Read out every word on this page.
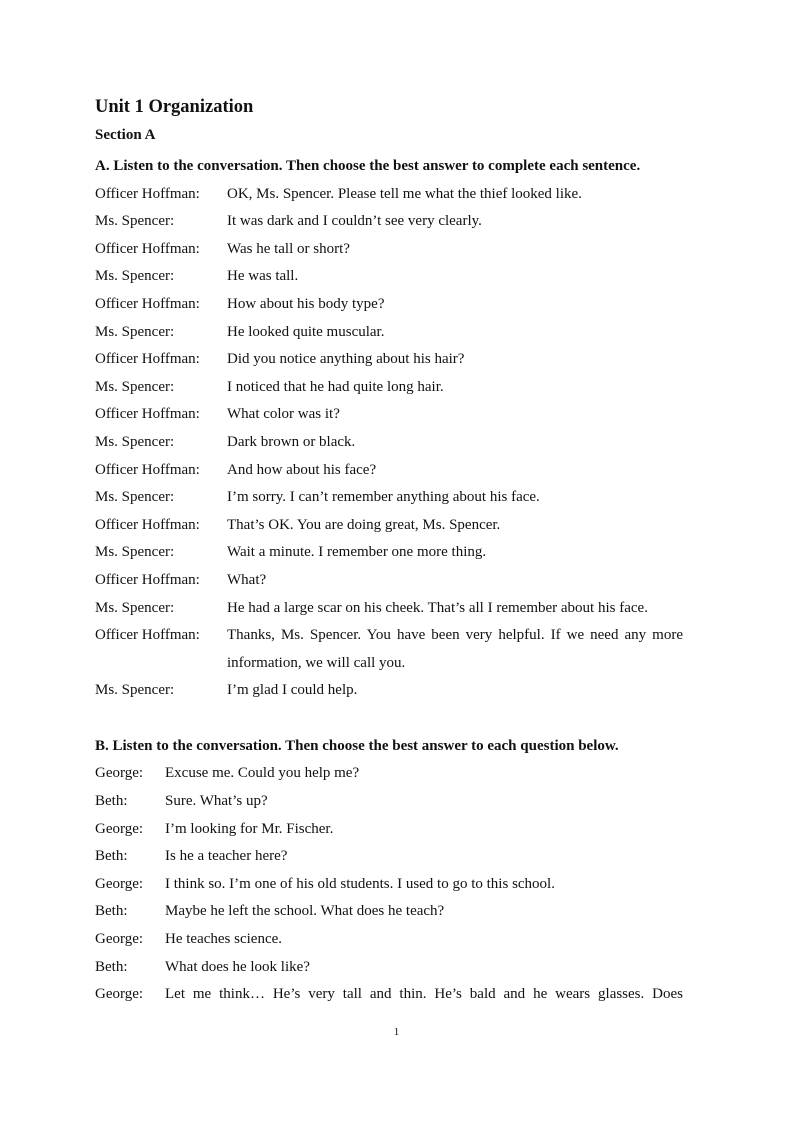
Unit 1 Organization
Section A
A. Listen to the conversation. Then choose the best answer to complete each sentence.
Officer Hoffman:	OK, Ms. Spencer. Please tell me what the thief looked like.
Ms. Spencer:	It was dark and I couldn’t see very clearly.
Officer Hoffman:	Was he tall or short?
Ms. Spencer:	He was tall.
Officer Hoffman:	How about his body type?
Ms. Spencer:	He looked quite muscular.
Officer Hoffman:	Did you notice anything about his hair?
Ms. Spencer:	I noticed that he had quite long hair.
Officer Hoffman:	What color was it?
Ms. Spencer:	Dark brown or black.
Officer Hoffman:	And how about his face?
Ms. Spencer:	I’m sorry. I can’t remember anything about his face.
Officer Hoffman:	That’s OK. You are doing great, Ms. Spencer.
Ms. Spencer:	Wait a minute. I remember one more thing.
Officer Hoffman:	What?
Ms. Spencer:	He had a large scar on his cheek. That’s all I remember about his face.
Officer Hoffman:	Thanks, Ms. Spencer. You have been very helpful. If we need any more information, we will call you.
Ms. Spencer:	I’m glad I could help.
B. Listen to the conversation. Then choose the best answer to each question below.
George:	Excuse me. Could you help me?
Beth:	Sure. What’s up?
George:	I’m looking for Mr. Fischer.
Beth:	Is he a teacher here?
George:	I think so. I’m one of his old students. I used to go to this school.
Beth:	Maybe he left the school. What does he teach?
George:	He teaches science.
Beth:	What does he look like?
George:	Let me think… He’s very tall and thin. He’s bald and he wears glasses. Does
1
